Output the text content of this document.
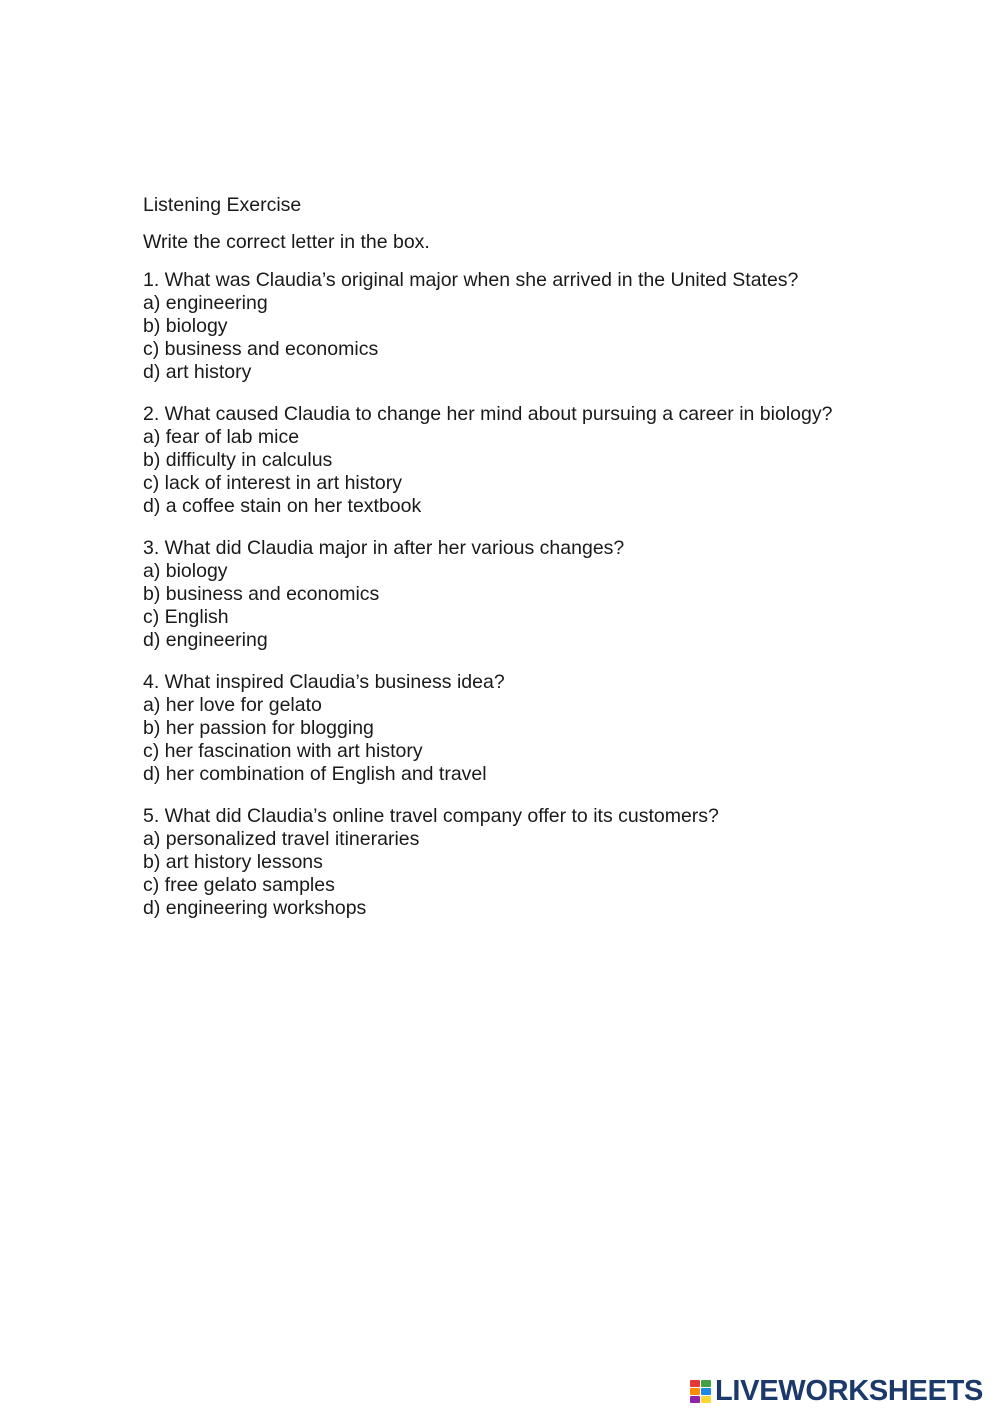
Listening Exercise
Write the correct letter in the box.
1. What was Claudia’s original major when she arrived in the United States?
a) engineering
b) biology
c) business and economics
d) art history
2. What caused Claudia to change her mind about pursuing a career in biology?
a) fear of lab mice
b) difficulty in calculus
c) lack of interest in art history
d) a coffee stain on her textbook
3. What did Claudia major in after her various changes?
a) biology
b) business and economics
c) English
d) engineering
4. What inspired Claudia’s business idea?
a) her love for gelato
b) her passion for blogging
c) her fascination with art history
d) her combination of English and travel
5. What did Claudia’s online travel company offer to its customers?
a) personalized travel itineraries
b) art history lessons
c) free gelato samples
d) engineering workshops
LIVEWORKSHEETS
